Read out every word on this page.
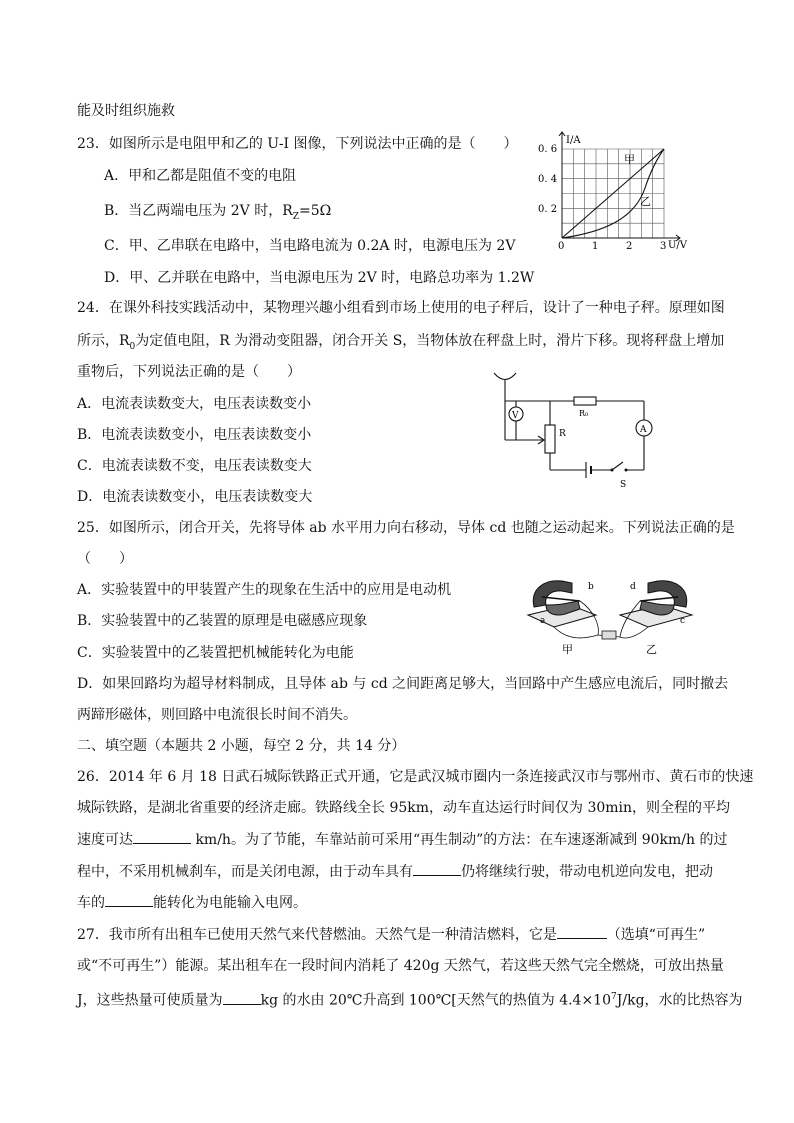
能及时组织施救
23．如图所示是电阻甲和乙的 U-I 图像，下列说法中正确的是（　　）
A．甲和乙都是阻值不变的电阻
B．当乙两端电压为 2V 时，$R_Z=5\Omega$
C．甲、乙串联在电路中，当电路电流为 0.2A 时，电源电压为 2V
D．甲、乙并联在电路中，当电源电压为 2V 时，电路总功率为 1.2W
24．在课外科技实践活动中，某物理兴趣小组看到市场上使用的电子秤后，设计了一种电子秤。原理如图
所示，$R_0$为定值电阻，R 为滑动变阻器，闭合开关 S，当物体放在秤盘上时，滑片下移。现将秤盘上增加
重物后，下列说法正确的是（　　）
A．电流表读数变大，电压表读数变小
B．电流表读数变小，电压表读数变小
C．电流表读数不变，电压表读数变大
D．电流表读数变小，电压表读数变大
25．如图所示，闭合开关，先将导体 ab 水平用力向右移动，导体 cd 也随之运动起来。下列说法正确的是
（　　）
A．实验装置中的甲装置产生的现象在生活中的应用是电动机
B．实验装置中的乙装置的原理是电磁感应现象
C．实验装置中的乙装置把机械能转化为电能
D．如果回路均为超导材料制成，且导体 ab 与 cd 之间距离足够大，当回路中产生感应电流后，同时撤去
两蹄形磁体，则回路中电流很长时间不消失。
二、填空题（本题共 2 小题，每空 2 分，共 14 分）
26．2014 年 6 月 18 日武石城际铁路正式开通，它是武汉城市圈内一条连接武汉市与鄂州市、黄石市的快速
城际铁路，是湖北省重要的经济走廊。铁路线全长 95km，动车直达运行时间仅为 30min，则全程的平均
速度可达	km/h。为了节能，车靠站前可采用“再生制动”的方法：在车速逐渐减到 90km/h 的过
程中，不采用机械刹车，而是关闭电源，由于动车具有	仍将继续行驶，带动电机逆向发电，把动
车的	能转化为电能输入电网。
27．我市所有出租车已使用天然气来代替燃油。天然气是一种清洁燃料，它是	（选填“可再生”
或“不可再生”）能源。某出租车在一段时间内消耗了 420g 天然气，若这些天然气完全燃烧，可放出热量
J，这些热量可使质量为	kg 的水由 20℃升高到 100℃[天然气的热值为 $4.4\times 10^7J/kg$，水的比热容为
I/A
U/V
0. 6
0. 4
0. 2
0	1	2	3
甲
乙
V	R₀
R	A
S
a
b
c
d
甲	乙
